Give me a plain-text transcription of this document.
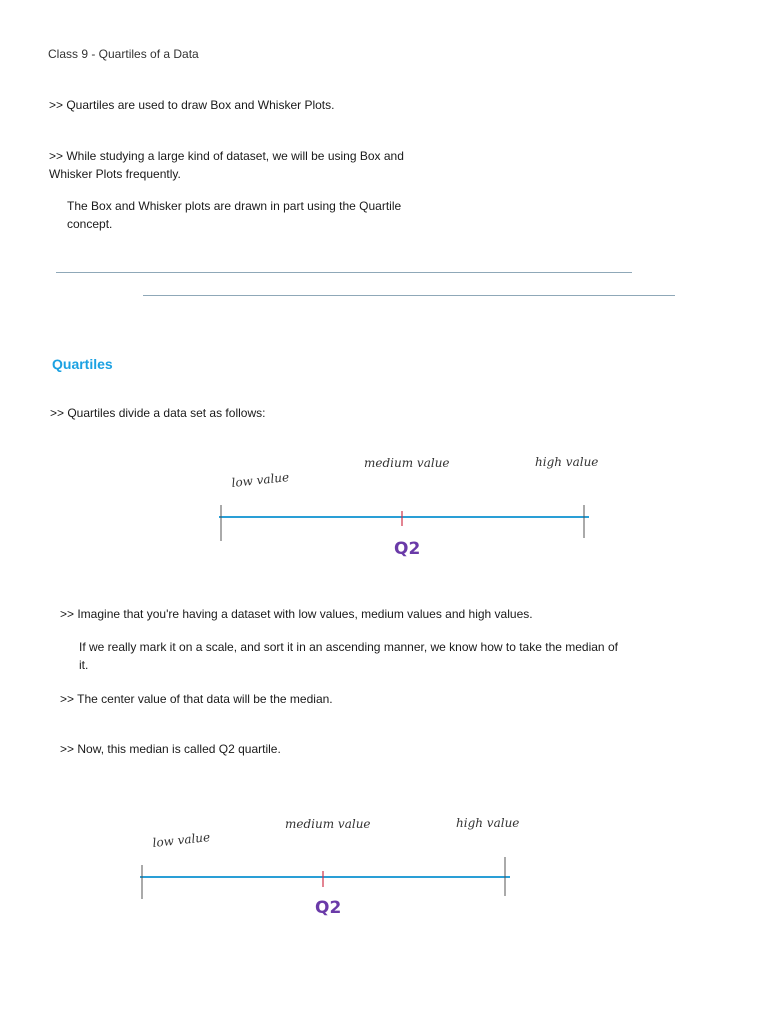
Class 9 - Quartiles of a Data
>> Quartiles are used to draw Box and Whisker Plots.
>> While studying a large kind of dataset, we will be using Box and
Whisker Plots frequently.
The Box and Whisker plots are drawn in part using the Quartile
concept.
Quartiles
>> Quartiles divide a data set as follows:
low value
medium value	high value
Q2
>> Imagine that you're having a dataset with low values, medium values and high values.
If we really mark it on a scale, and sort it in an ascending manner, we know how to take the median of
it.
>> The center value of that data will be the median.
>> Now, this median is called Q2 quartile.
low value
medium value	high value
Q2
